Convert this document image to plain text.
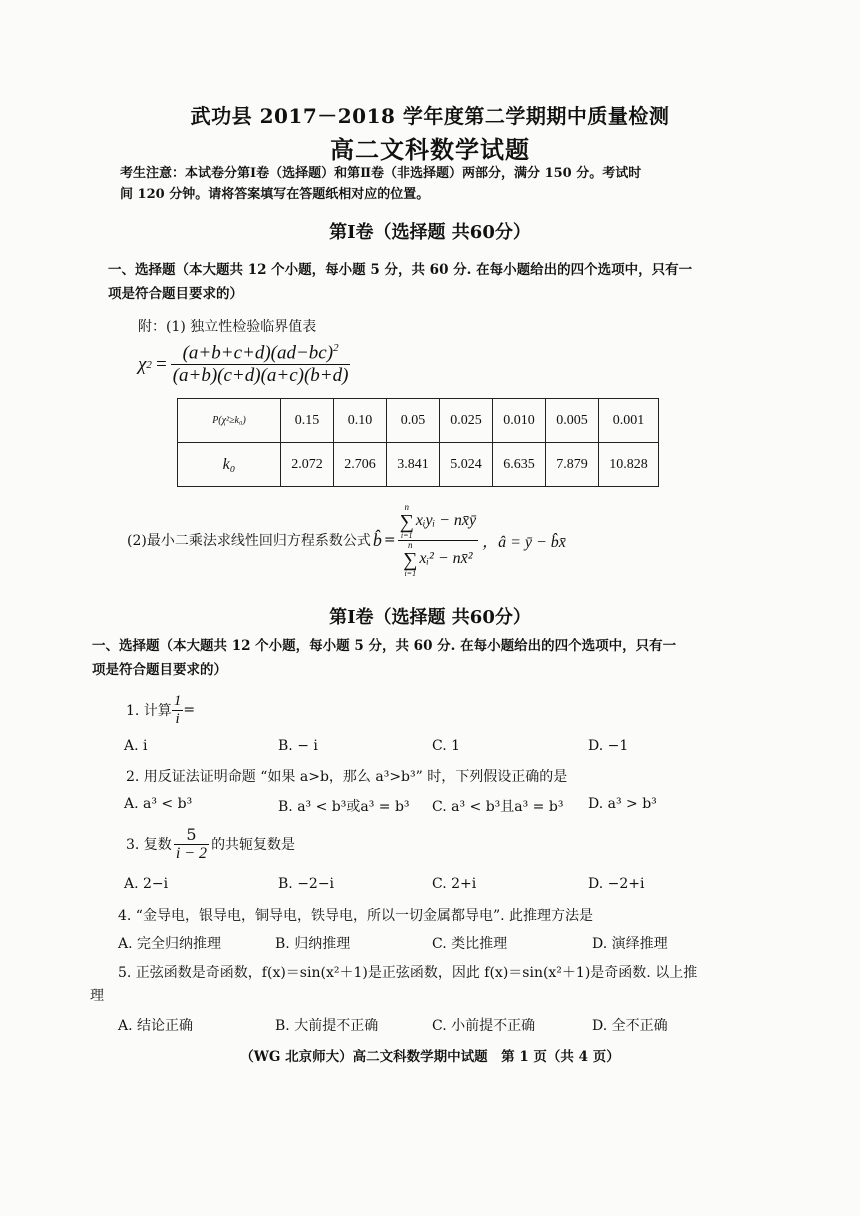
武功县 2017－2018 学年度第二学期期中质量检测
高二文科数学试题
考生注意：本试卷分第Ⅰ卷（选择题）和第Ⅱ卷（非选择题）两部分，满分 150 分。考试时
间 120 分钟。请将答案填写在答题纸相对应的位置。
第Ⅰ卷（选择题 共60分）
一、选择题（本大题共 12 个小题，每小题 5 分，共 60 分. 在每小题给出的四个选项中，只有一
项是符合题目要求的）
附：(1) 独立性检验临界值表
χ $2 = \frac{(a+b+c+d)(ad-bc)^2}{(a+b)(c+d)(a+c)(b+d)}$
P(χ²≥k₀)	0.15	0.10	0.05	0.025	0.010	0.005	0.001
k₀	2.072	2.706	3.841	5.024	6.635	7.879	10.828
(2)最小二乘法求线性回归方程系数公式 b̂ = n
∑
i=1
xᵢyᵢ − nx̄ȳ
n
∑
i=1
xᵢ² − nx̄² ，â = ȳ − b̂x̄
第Ⅰ卷（选择题 共60分）
一、选择题（本大题共 12 个小题，每小题 5 分，共 60 分. 在每小题给出的四个选项中，只有一
项是符合题目要求的）
1. 计算 $\frac{1}{i}$ =
A. i	B. − i	C. 1	D. −1
2. 用反证法证明命题 “如果 a>b，那么 a³>b³” 时，下列假设正确的是
A. a³ < b³	B. a³ < b³或a³ = b³ C. a³ < b³且a³ = b³ D. a³ > b³
3. 复数 $\frac{5}{i - 2}$ 的共轭复数是
A. 2−i	B. −2−i	C. 2+i	D. −2+i
4. “金导电，银导电，铜导电，铁导电，所以一切金属都导电”. 此推理方法是
A. 完全归纳推理	B. 归纳推理	C. 类比推理	D. 演绎推理
5. 正弦函数是奇函数，f(x)＝sin(x²＋1)是正弦函数，因此 f(x)＝sin(x²＋1)是奇函数. 以上推
理
A. 结论正确	B. 大前提不正确	C. 小前提不正确	D. 全不正确
（WG 北京师大）高二文科数学期中试题　第 1 页（共 4 页）
